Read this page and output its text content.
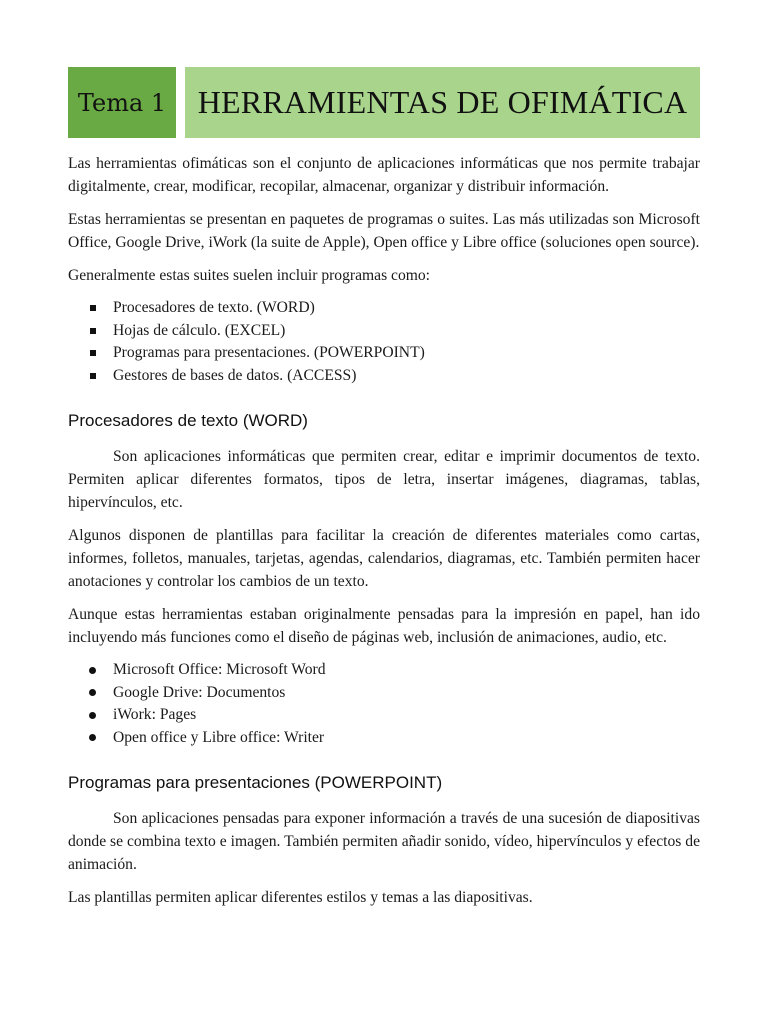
Tema 1 HERRAMIENTAS DE OFIMÁTICA

Las herramientas ofimáticas son el conjunto de aplicaciones informáticas que nos permite trabajar digitalmente, crear, modificar, recopilar, almacenar, organizar y distribuir información.

Estas herramientas se presentan en paquetes de programas o suites. Las más utilizadas son Microsoft Office, Google Drive, iWork (la suite de Apple), Open office y Libre office (soluciones open source).

Generalmente estas suites suelen incluir programas como:

Procesadores de texto. (WORD)
Hojas de cálculo. (EXCEL)
Programas para presentaciones. (POWERPOINT)
Gestores de bases de datos. (ACCESS)
Procesadores de texto (WORD)

Son aplicaciones informáticas que permiten crear, editar e imprimir documentos de texto. Permiten aplicar diferentes formatos, tipos de letra, insertar imágenes, diagramas, tablas, hipervínculos, etc.

Algunos disponen de plantillas para facilitar la creación de diferentes materiales como cartas, informes, folletos, manuales, tarjetas, agendas, calendarios, diagramas, etc. También permiten hacer anotaciones y controlar los cambios de un texto.

Aunque estas herramientas estaban originalmente pensadas para la impresión en papel, han ido incluyendo más funciones como el diseño de páginas web, inclusión de animaciones, audio, etc.

Microsoft Office: Microsoft Word
Google Drive: Documentos
iWork: Pages
Open office y Libre office: Writer
Programas para presentaciones (POWERPOINT)

Son aplicaciones pensadas para exponer información a través de una sucesión de diapositivas donde se combina texto e imagen. También permiten añadir sonido, vídeo, hipervínculos y efectos de animación.

Las plantillas permiten aplicar diferentes estilos y temas a las diapositivas.
